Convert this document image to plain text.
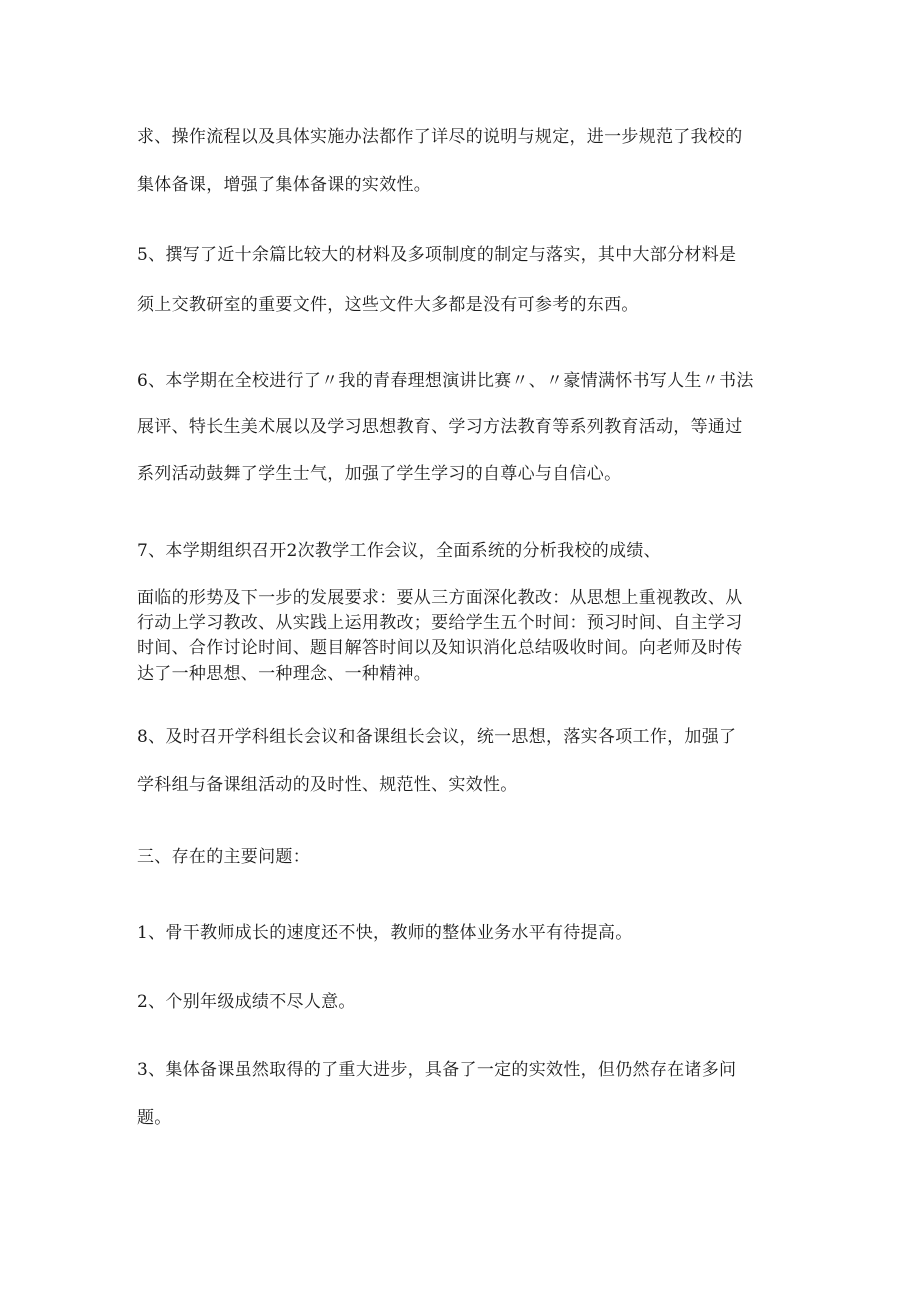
求、操作流程以及具体实施办法都作了详尽的说明与规定，进一步规范了我校的
集体备课，增强了集体备课的实效性。
5、撰写了近十余篇比较大的材料及多项制度的制定与落实，其中大部分材料是
须上交教研室的重要文件，这些文件大多都是没有可参考的东西。
6、本学期在全校进行了〃我的青春理想演讲比赛〃、〃豪情满怀书写人生〃书法
展评、特长生美术展以及学习思想教育、学习方法教育等系列教育活动，等通过
系列活动鼓舞了学生士气，加强了学生学习的自尊心与自信心。
7、本学期组织召开2次教学工作会议，全面系统的分析我校的成绩、
面临的形势及下一步的发展要求：要从三方面深化教改：从思想上重视教改、从
行动上学习教改、从实践上运用教改；要给学生五个时间：预习时间、自主学习
时间、合作讨论时间、题目解答时间以及知识消化总结吸收时间。向老师及时传
达了一种思想、一种理念、一种精神。
8、及时召开学科组长会议和备课组长会议，统一思想，落实各项工作，加强了
学科组与备课组活动的及时性、规范性、实效性。
三、存在的主要问题：
1、骨干教师成长的速度还不快，教师的整体业务水平有待提高。
2、个别年级成绩不尽人意。
3、集体备课虽然取得的了重大进步，具备了一定的实效性，但仍然存在诸多问
题。
